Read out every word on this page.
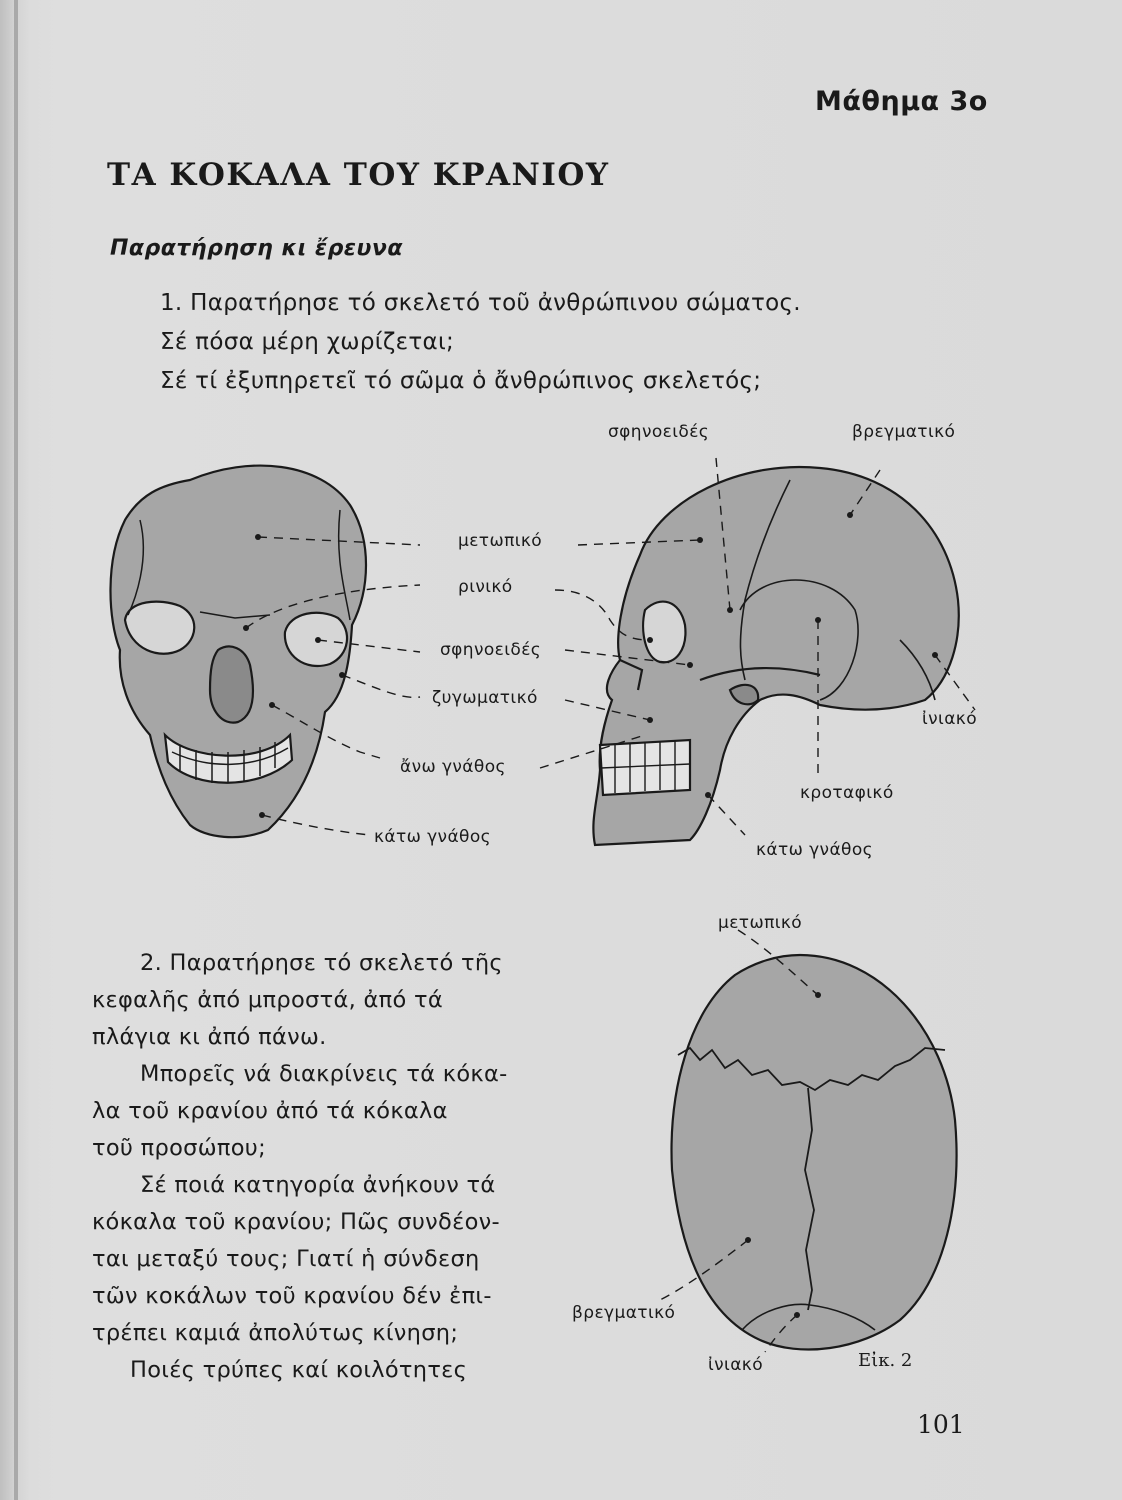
Μάθημα 3ο
ΤΑ ΚΟΚΑΛΑ ΤΟΥ ΚΡΑΝΙΟΥ
Παρατήρηση κι ἔρευνα
1. Παρατήρησε τό σκελετό τοῦ ἀνθρώπινου σώματος.
Σέ πόσα μέρη χωρίζεται;
Σέ τί ἐξυπηρετεῖ τό σῶμα ὁ ἄνθρώπινος σκελετός;
μετωπικό
ρινικό
σφηνοειδές
ζυγωματικό
ἄνω γνάθος
κάτω γνάθος
σφηνοειδές	βρεγματικό
ἰνιακό
κροταφικό
κάτω γνάθος
μετωπικό
βρεγματικό
ἰνιακό	Εἰκ. 2
2. Παρατήρησε τό σκελετό τῆς
κεφαλῆς ἀπό μπροστά, ἀπό τά
πλάγια κι ἀπό πάνω.
Μπορεῖς νά διακρίνεις τά κόκα-
λα τοῦ κρανίου ἀπό τά κόκαλα
τοῦ προσώπου;
Σέ ποιά κατηγορία ἀνήκουν τά
κόκαλα τοῦ κρανίου; Πῶς συνδέον-
ται μεταξύ τους; Γιατί ἡ σύνδεση
τῶν κοκάλων τοῦ κρανίου δέν ἐπι-
τρέπει καμιά ἀπολύτως κίνηση;
Ποιές τρύπες καί κοιλότητες
101
